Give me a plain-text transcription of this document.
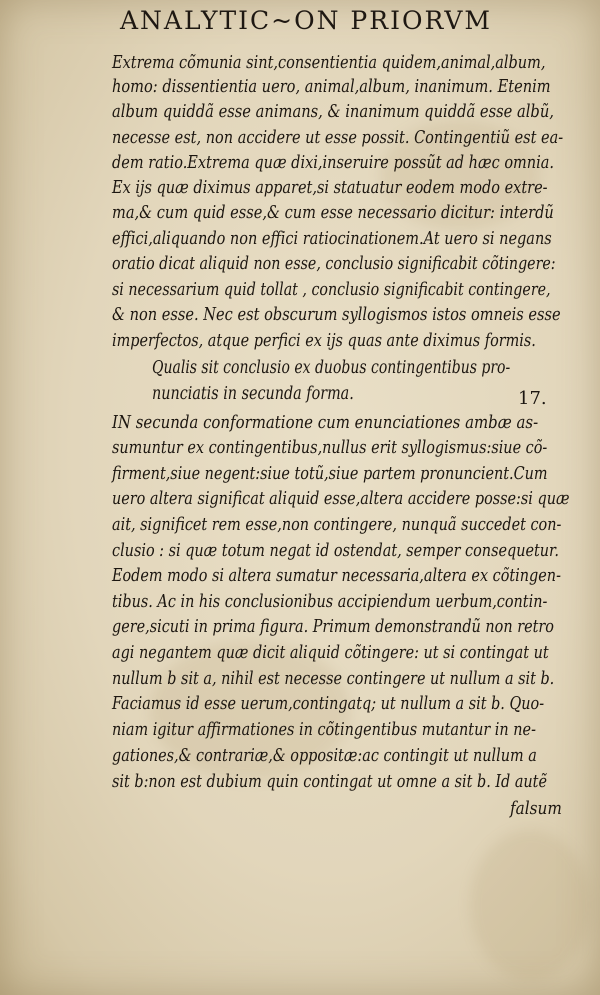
ANALYTIC~ON PRIORVM

Extrema cõmunia sint,consentientia quidem,animal,album,

homo: dissentientia uero, animal,album, inanimum. Etenim

album quiddã esse animans, & inanimum quiddã esse albũ,

necesse est, non accidere ut esse possit. Contingentiũ est ea-

dem ratio.Extrema quæ dixi,inseruire possũt ad hæc omnia.

Ex ijs quæ diximus apparet,si statuatur eodem modo extre-

ma,& cum quid esse,& cum esse necessario dicitur: interdũ

effici,aliquando non effici ratiocinationem.At uero si negans

oratio dicat aliquid non esse, conclusio significabit cõtingere:

si necessarium quid tollat , conclusio significabit contingere,

& non esse. Nec est obscurum syllogismos istos omneis esse

imperfectos, atque perfici ex ijs quas ante diximus formis.

Qualis sit conclusio ex duobus contingentibus pro-

nunciatis in secunda forma.	17.

IN secunda conformatione cum enunciationes ambæ as-

sumuntur ex contingentibus,nullus erit syllogismus:siue cõ-

firment,siue negent:siue totũ,siue partem pronuncient.Cum

uero altera significat aliquid esse,altera accidere posse:si quæ

ait, significet rem esse,non contingere, nunquã succedet con-

clusio : si quæ totum negat id ostendat, semper consequetur.

Eodem modo si altera sumatur necessaria,altera ex cõtingen-

tibus. Ac in his conclusionibus accipiendum uerbum,contin-

gere,sicuti in prima figura. Primum demonstrandũ non retro

agi negantem quæ dicit aliquid cõtingere: ut si contingat ut

nullum b sit a, nihil est necesse contingere ut nullum a sit b.

Faciamus id esse uerum,contingatq; ut nullum a sit b. Quo-

niam igitur affirmationes in cõtingentibus mutantur in ne-

gationes,& contrariæ,& oppositæ:ac contingit ut nullum a

sit b:non est dubium quin contingat ut omne a sit b. Id autẽ

falsum
